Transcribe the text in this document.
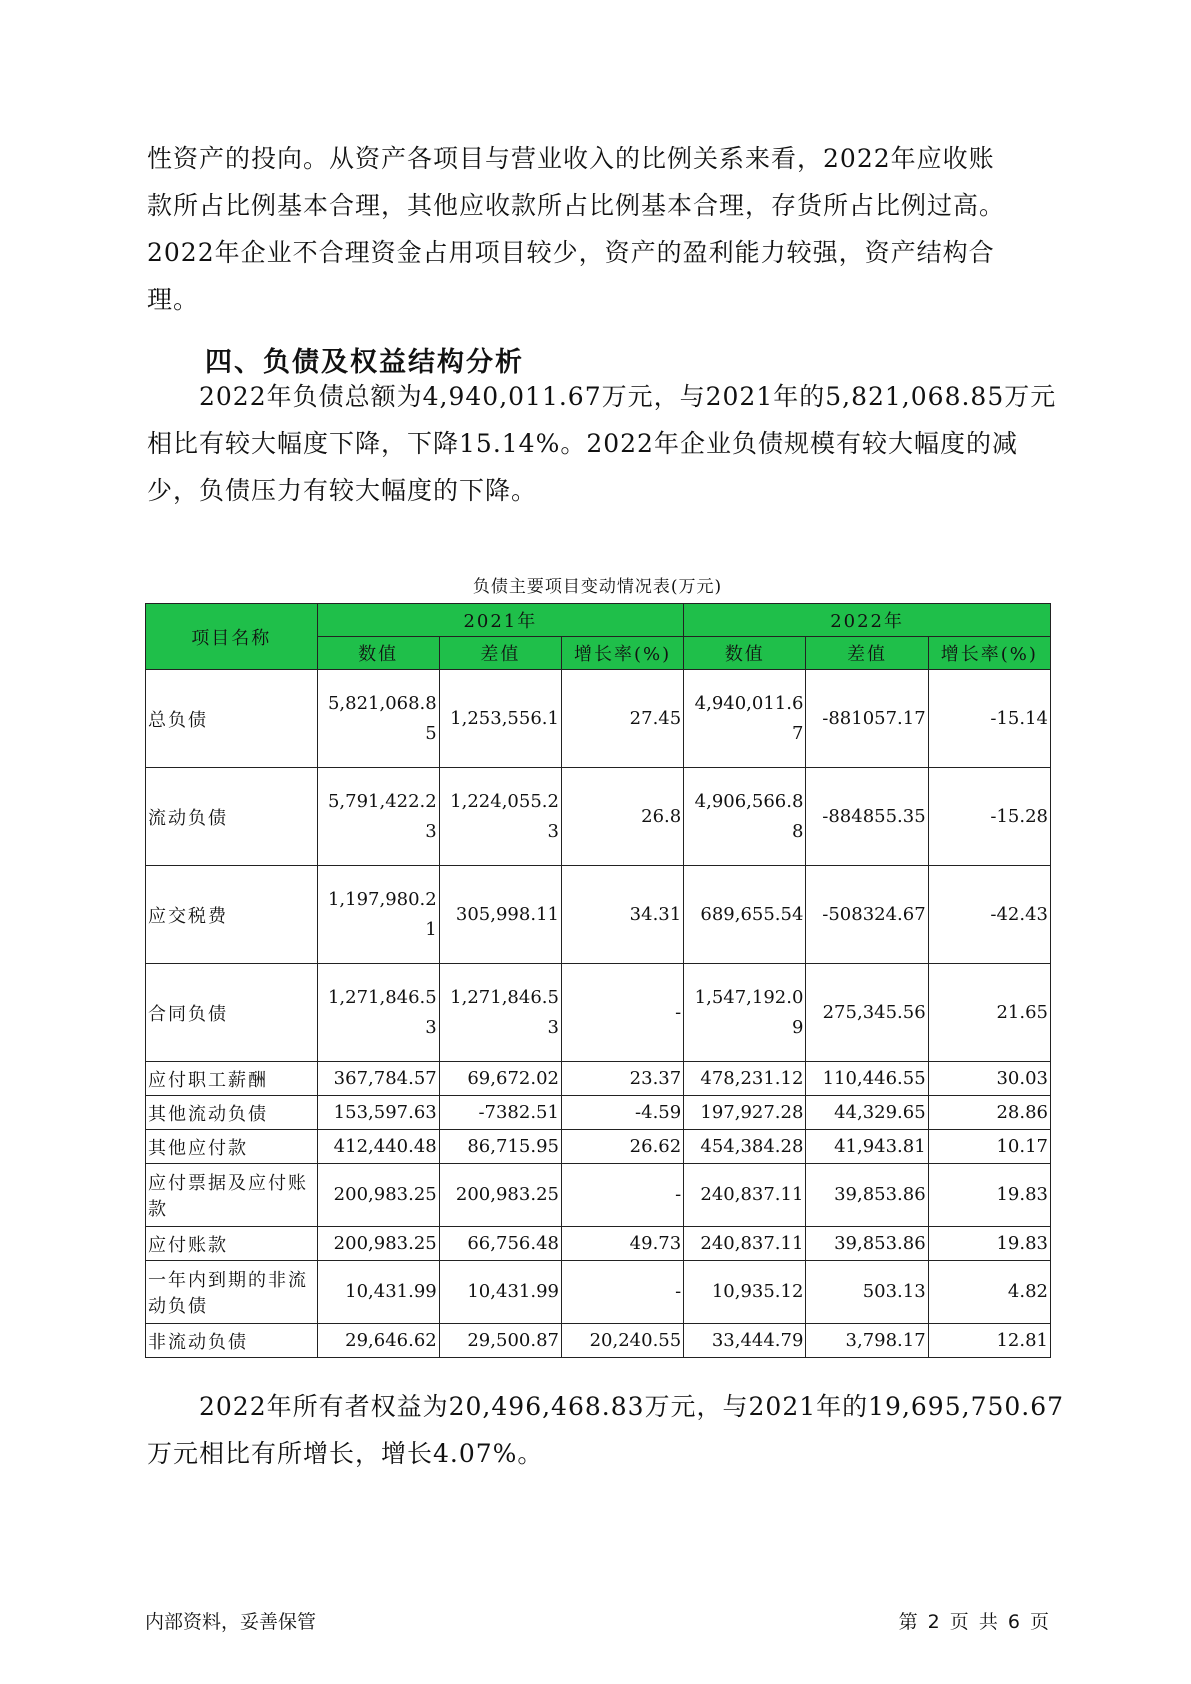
性资产的投向。从资产各项目与营业收入的比例关系来看，2022年应收账
款所占比例基本合理，其他应收款所占比例基本合理，存货所占比例过高。
2022年企业不合理资金占用项目较少，资产的盈利能力较强，资产结构合
理。

四、负债及权益结构分析

　　2022年负债总额为4,940,011.67万元，与2021年的5,821,068.85万元
相比有较大幅度下降，下降15.14%。2022年企业负债规模有较大幅度的减
少，负债压力有较大幅度的下降。

负债主要项目变动情况表(万元)
项目名称	2021年			2022年		
	数值	差值	增长率(%)	数值	差值	增长率(%)
总负债	5,821,068.85	1,253,556.1	27.45	4,940,011.67	-881057.17	-15.14
流动负债	5,791,422.23	1,224,055.23	26.8	4,906,566.88	-884855.35	-15.28
应交税费	1,197,980.21	305,998.11	34.31	689,655.54	-508324.67	-42.43
合同负债	1,271,846.53	1,271,846.53	-	1,547,192.09	275,345.56	21.65
应付职工薪酬	367,784.57	69,672.02	23.37	478,231.12	110,446.55	30.03
其他流动负债	153,597.63	-7382.51	-4.59	197,927.28	44,329.65	28.86
其他应付款	412,440.48	86,715.95	26.62	454,384.28	41,943.81	10.17
应付票据及应付账款	200,983.25	200,983.25	-	240,837.11	39,853.86	19.83
应付账款	200,983.25	66,756.48	49.73	240,837.11	39,853.86	19.83
一年内到期的非流动负债	10,431.99	10,431.99	-	10,935.12	503.13	4.82
非流动负债	29,646.62	29,500.87	20,240.55	33,444.79	3,798.17	12.81

　　2022年所有者权益为20,496,468.83万元，与2021年的19,695,750.67
万元相比有所增长，增长4.07%。

内部资料，妥善保管	第 2 页 共 6 页
